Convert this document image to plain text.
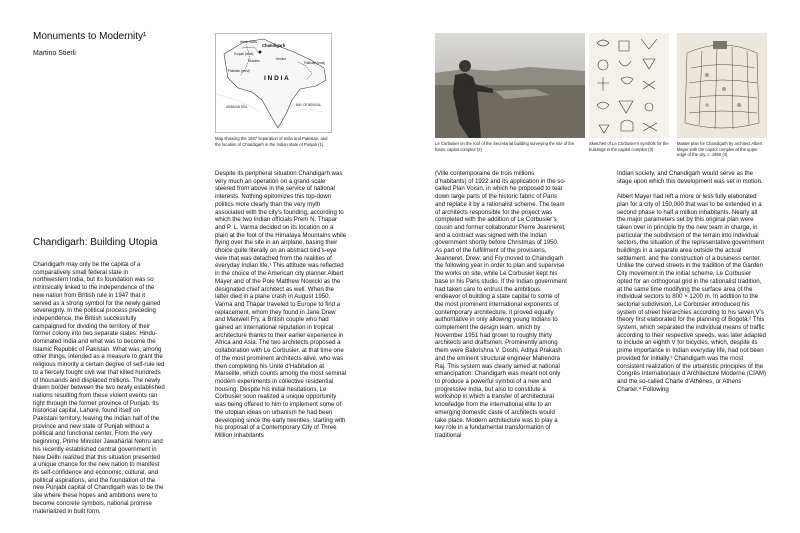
Monuments to Modernity¹
Martino Stierli
Hindu Sikhs
Chandigarh
Punjab (west)
Muslims	Hindus
Pakistan (west)
Pakistan (east)
I N D I A
ARABIAN SEA	BAY OF BENGAL
Map showing the 1947 separation of India and Pakistan, and the location of Chandigarh in the Indian state of Punjab (1)	Le Corbusier on the roof of the Secretariat building surveying the site of the future capitol complex (2)
Sketches of Le Corbusier’s symbols for the buildings in the capitol complex (3)
Master plan for Chandigarh by architect Albert Mayer with the capitol complex at the upper edge of the city, c. 1950 (4)
Chandigarh: Building Utopia

Chandigarh may only be the capital of a comparatively small federal state in northwestern India, but its foundation was so intrinsically linked to the independence of the new nation from British rule in 1947 that it served as a strong symbol for the newly gained sovereignty. In the political process preceding independence, the British successfully campaigned for dividing the territory of their former colony into two separate states: Hindu-dominated India and what was to become the Islamic Republic of Pakistan. What was, among other things, intended as a measure to grant the religious minority a certain degree of self-rule led to a fiercely fought civil war that killed hundreds of thousands and displaced millions. The newly drawn border between the two newly established nations resulting from these violent events ran right through the former province of Punjab. Its historical capital, Lahore, found itself on Pakistani territory, leaving the Indian half of the province and new state of Punjab without a political and functional center. From the very beginning, Prime Minister Jawaharlal Nehru and his recently established central government in New Delhi realized that this situation presented a unique chance for the new nation to manifest its self-confidence and economic, cultural, and political aspirations, and the foundation of the new Punjabi capital of Chandigarh was to be the site where these hopes and ambitions were to become concrete symbols, national promise materialized in built form.

Despite its peripheral situation Chandigarh was very much an operation on a grand scale steered from above in the service of national interests. Nothing epitomizes this top-down politics more clearly than the very myth associated with the city’s founding, according to which the two Indian officials Prem N. Thapar and P. L. Varma decided on its location on a plain at the foot of the Himalaya Mountains while flying over the site in an airplane, basing their choice quite literally on an abstract bird’s-eye view that was detached from the realities of everyday Indian life.¹ This attitude was reflected in the choice of the American city planner Albert Mayer and of the Pole Matthew Nowicki as the designated chief architect as well. When the latter died in a plane crash in August 1950, Varma and Thapar traveled to Europe to find a replacement, whom they found in Jane Drew and Maxwell Fry, a British couple who had gained an international reputation in tropical architecture thanks to their earlier experience in Africa and Asia. The two architects proposed a collaboration with Le Corbusier, at that time one of the most prominent architects alive, who was then completing his Unité d’Habitation at Marseille, which counts among the most seminal modern experiments in collective residential housing. Despite his initial hesitations, Le Corbusier soon realized a unique opportunity was being offered to him to implement some of the utopian ideas on urbanism he had been developing since the early twenties, starting with his proposal of a Contemporary City of Three Million Inhabitants

(Ville contemporaine de trois millions d’habitants) of 1922 and its application in the so-called Plan Voisin, in which he proposed to tear down large parts of the historic fabric of Paris and replace it by a rationalist scheme. The team of architects responsible for the project was completed with the addition of Le Corbusier’s cousin and former collaborator Pierre Jeanneret, and a contract was signed with the Indian government shortly before Christmas of 1950. As part of the fulfillment of the provisions, Jeanneret, Drew, and Fry moved to Chandigarh the following year in order to plan and supervise the works on site, while Le Corbusier kept his base in his Paris studio. If the Indian government had taken care to entrust the ambitious endeavor of building a state capital to some of the most prominent international exponents of contemporary architecture, it proved equally authoritative in only allowing young Indians to complement the design team, which by November 1951 had grown to roughly thirty architects and draftsmen. Prominently among them were Balkrishna V. Doshi, Aditya Prakash and the eminent structural engineer Mahendra Raj. This system was clearly aimed at national emancipation: Chandigarh was meant not only to produce a powerful symbol of a new and progressive India, but also to constitute a workshop in which a transfer of architectural knowledge from the international elite to an emerging domestic caste of architects would take place. Modern architecture was to play a key role in a fundamental transformation of traditional

Indian society, and Chandigarh would serve as the stage upon which this development was set in motion.

Albert Mayer had left a more or less fully elaborated plan for a city of 150,000 that was to be extended in a second phase to half a million inhabitants. Nearly all the major parameters set by this original plan were taken over in principle by the new team in charge, in particular the subdivision of the terrain into individual sectors, the situation of the representative government buildings in a separate area outside the actual settlement, and the construction of a business center. Unlike the curved streets in the tradition of the Garden City movement in the initial scheme, Le Corbusier opted for an orthogonal grid in the rationalist tradition, at the same time modifying the surface area of the individual sectors to 800 × 1200 m. In addition to the sectorial subdivision, Le Corbusier introduced his system of street hierarchies according to his seven V’s theory first elaborated for the planning of Bogotá.² This system, which separated the individual means of traffic according to their respective speeds, was later adapted to include an eighth V for bicycles, which, despite its prime importance in Indian everyday life, had not been provided for initially.³ Chandigarh was the most consistent realization of the urbanistic principles of the Congrès Internationaux d’Architecture Moderne (CIAM) and the so-called Charte d’Athènes, or Athens Charter.⁴ Following
